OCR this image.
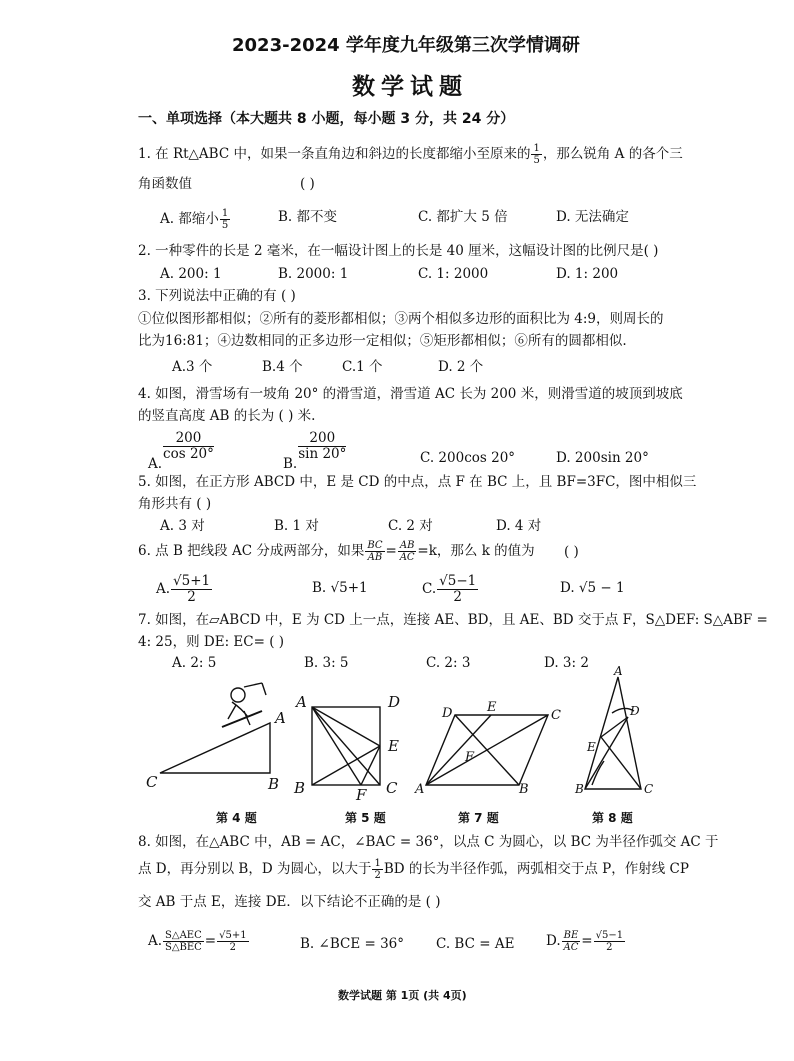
2023-2024 学年度九年级第三次学情调研
数学试题
一、单项选择（本大题共 8 小题，每小题 3 分，共 24 分）
1. 在 Rt△ABC 中，如果一条直角边和斜边的长度都缩小至原来的 $\frac{1}{5}$ ，那么锐角 A 的各个三
角函数值	( )
A. 都缩小 $\frac{1}{5}$	B. 都不变	C. 都扩大 5 倍	D. 无法确定
2. 一种零件的长是 2 毫米，在一幅设计图上的长是 40 厘米，这幅设计图的比例尺是( )
A. 200: 1	B. 2000: 1	C. 1: 2000	D. 1: 200
3. 下列说法中正确的有 ( )
①位似图形都相似；②所有的菱形都相似；③两个相似多边形的面积比为 4:9，则周长的
比为16:81；④边数相同的正多边形一定相似；⑤矩形都相似；⑥所有的圆都相似.
A.3 个	B.4 个	C.1 个	D. 2 个
4. 如图，滑雪场有一坡角 20° 的滑雪道，滑雪道 AC 长为 200 米，则滑雪道的坡顶到坡底
的竖直高度 AB 的长为 ( ) 米.
A.
$\frac{200}{\cos 20^\circ}$
B.
$\frac{200}{\sin 20^\circ}$	C. 200cos 20°	D. 200sin 20°
5. 如图，在正方形 ABCD 中，E 是 CD 的中点，点 F 在 BC 上，且 BF=3FC，图中相似三
角形共有 ( )
A. 3 对	B. 1 对	C. 2 对	D. 4 对
6. 点 B 把线段 AC 分成两部分，如果 $\frac{BC}{AB} = \frac{AB}{AC} =k$，那么 k 的值为 ( )
A. $\frac{√5+1}{2}$	B. √5+1	C. $\frac{√5-1}{2}$	D. √5 − 1
7. 如图，在▱ABCD 中，E 为 CD 上一点，连接 AE、BD，且 AE、BD 交于点 F，S△DEF: S△ABF =
4: 25，则 DE: EC= ( )
A. 2: 5	B. 3: 5	C. 2: 3	D. 3: 2
A
B
C
A	D
E
B	F C
D	E
C
F
A	B
A
D
E
B	C
第 4 题	第 5 题	第 7 题	第 8 题
8. 如图，在△ABC 中，AB = AC，∠BAC = 36°，以点 C 为圆心，以 BC 为半径作弧交 AC 于
点 D，再分别以 B，D 为圆心，以大于 $\frac{1}{2}$ BD 的长为半径作弧，两弧相交于点 P，作射线 CP
交 AB 于点 E，连接 DE．以下结论不正确的是 ( )
A. $\frac{\text{S△AEC}}{\text{S△BEC}} = \frac{√5+1}{2}$	B. ∠BCE = 36° C. BC = AE D. $\frac{BE}{AC} = \frac{√5-1}{2}$
数学试题 第 1页 (共 4页)
